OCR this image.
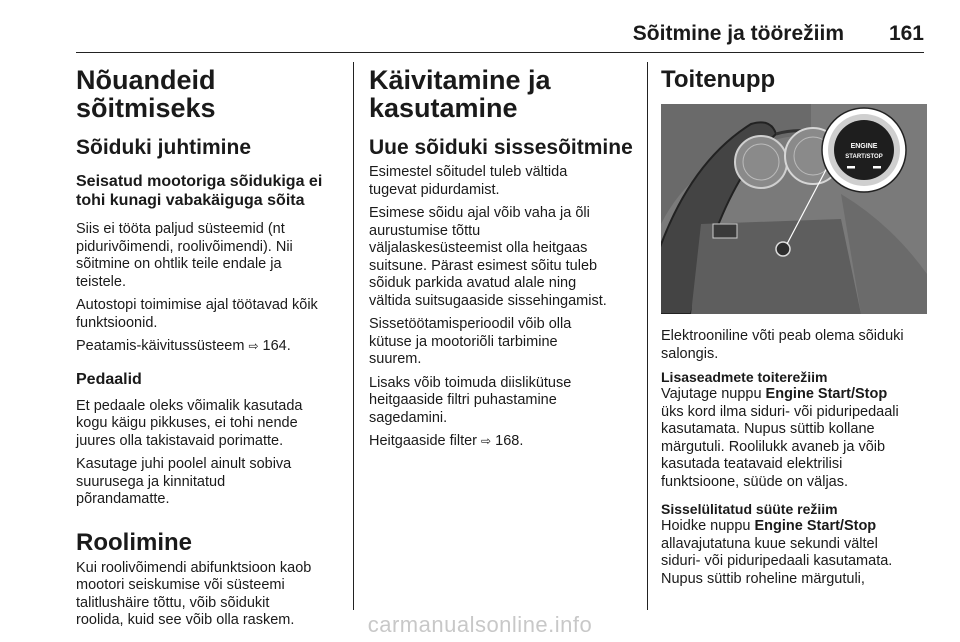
Sõitmine ja töörežiim 161
Nõuandeid sõitmiseks
Sõiduki juhtimine
Seisatud mootoriga sõidukiga ei
tohi kunagi vabakäiguga sõita
Siis ei tööta paljud süsteemid (nt
pidurivõimendi, roolivõimendi). Nii
sõitmine on ohtlik teile endale ja
teistele.
Autostopi toimimise ajal töötavad kõik
funktsioonid.
Peatamis-käivitussüsteem ⇨ 164.
Pedaalid
Et pedaale oleks võimalik kasutada
kogu käigu pikkuses, ei tohi nende
juures olla takistavaid porimatte.
Kasutage juhi poolel ainult sobiva
suurusega ja kinnitatud
põrandamatte.
Roolimine
Kui roolivõimendi abifunktsioon kaob
mootori seiskumise või süsteemi
talitlushäire tõttu, võib sõidukit
roolida, kuid see võib olla raskem.
Käivitamine ja
kasutamine
Uue sõiduki sissesõitmine
Esimestel sõitudel tuleb vältida
tugevat pidurdamist.
Esimese sõidu ajal võib vaha ja õli
aurustumise tõttu
väljalaskesüsteemist olla heitgaas
suitsune. Pärast esimest sõitu tuleb
sõiduk parkida avatud alale ning
vältida suitsugaaside sissehingamist.
Sissetöötamisperioodil võib olla
kütuse ja mootoriõli tarbimine
suurem.
Lisaks võib toimuda diislikütuse
heitgaaside filtri puhastamine
sagedamini.
Heitgaaside filter ⇨ 168.
Toitenupp
ENGINE
START/STOP
Elektrooniline võti peab olema sõiduki
salongis.
Lisaseadmete toiterežiim
Vajutage nuppu Engine Start/Stop
üks kord ilma siduri- või piduripedaali
kasutamata. Nupus süttib kollane
märgutuli. Roolilukk avaneb ja võib
kasutada teatavaid elektrilisi
funktsioone, süüde on väljas.
Sisselülitatud süüte režiim
Hoidke nuppu Engine Start/Stop
allavajutatuna kuue sekundi vältel
siduri- või piduripedaali kasutamata.
Nupus süttib roheline märgutuli,
carmanualsonline.info
